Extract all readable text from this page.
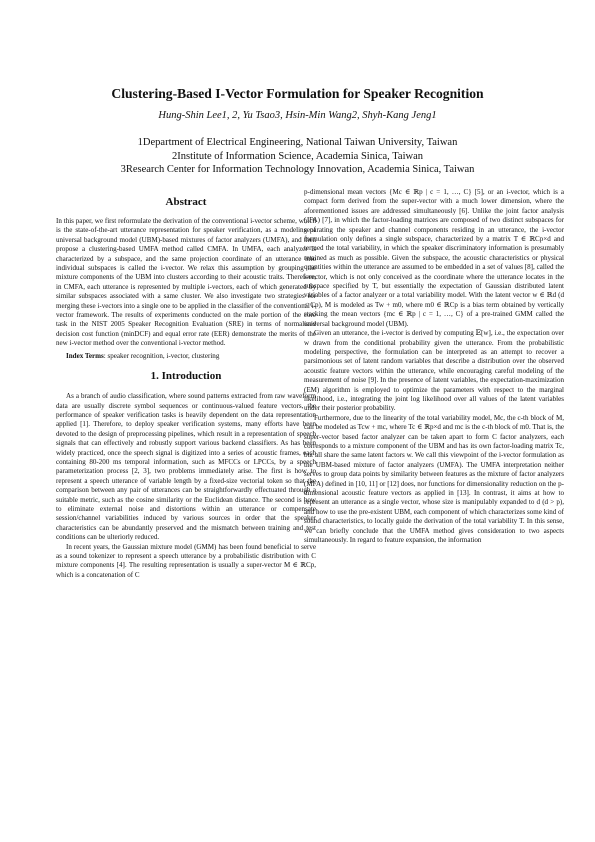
Clustering-Based I-Vector Formulation for Speaker Recognition
Hung-Shin Lee1, 2, Yu Tsao3, Hsin-Min Wang2, Shyh-Kang Jeng1
1Department of Electrical Engineering, National Taiwan University, Taiwan
2Institute of Information Science, Academia Sinica, Taiwan
3Research Center for Information Technology Innovation, Academia Sinica, Taiwan
Abstract

In this paper, we first reformulate the derivation of the conventional i-vector scheme, which is the state-of-the-art utterance representation for speaker verification, as a modeling of universal background model (UBM)-based mixtures of factor analyzers (UMFA), and then propose a clustering-based UMFA method called CMFA. In UMFA, each analyzer is characterized by a subspace, and the same projection coordinate of an utterance into individual subspaces is called the i-vector. We relax this assumption by grouping the mixture components of the UBM into clusters according to their acoustic traits. Therefore, in CMFA, each utterance is represented by multiple i-vectors, each of which generated by similar subspaces associated with a same cluster. We also investigate two strategies for merging these i-vectors into a single one to be applied in the classifier of the conventional i-vector framework. The results of experiments conducted on the male portion of the core task in the NIST 2005 Speaker Recognition Evaluation (SRE) in terms of normalized decision cost function (minDCF) and equal error rate (EER) demonstrate the merits of the new i-vector method over the conventional i-vector method.

Index Terms: speaker recognition, i-vector, clustering

1. Introduction

As a branch of audio classification, where sound patterns extracted from raw waveform data are usually discrete symbol sequences or continuous-valued feature vectors, the performance of speaker verification tasks is heavily dependent on the data representation applied [1]. Therefore, to deploy speaker verification systems, many efforts have been devoted to the design of preprocessing pipelines, which result in a representation of speech signals that can effectively and robustly support various backend classifiers. As has been widely practiced, once the speech signal is digitized into a series of acoustic frames, each containing 80-200 ms temporal information, such as MFCCs or LPCCs, by a speech parameterization process [2, 3], two problems immediately arise. The first is how to represent a speech utterance of variable length by a fixed-size vectorial token so that the comparison between any pair of utterances can be straightforwardly effectuated through a suitable metric, such as the cosine similarity or the Euclidean distance. The second is how to eliminate external noise and distortions within an utterance or compensate session/channel variabilities induced by various sources in order that the speaker characteristics can be abundantly preserved and the mismatch between training and test conditions can be ulteriorly reduced.

In recent years, the Gaussian mixture model (GMM) has been found beneficial to serve as a sound tokenizer to represent a speech utterance by a probabilistic distribution with C mixture components [4]. The resulting representation is usually a super-vector M ∈ ℝCp, which is a concatenation of C

p-dimensional mean vectors {Mc ∈ ℝp | c = 1, …, C} [5], or an i-vector, which is a compact form derived from the super-vector with a much lower dimension, where the aforementioned issues are addressed simultaneously [6]. Unlike the joint factor analysis (JFA) [7], in which the factor-loading matrices are composed of two distinct subspaces for separating the speaker and channel components residing in an utterance, the i-vector formulation only defines a single subspace, characterized by a matrix T ∈ ℝCp×d and termed the total variability, in which the speaker discriminatory information is presumably retained as much as possible. Given the subspace, the acoustic characteristics or physical quantities within the utterance are assumed to be embedded in a set of values [8], called the i-vector, which is not only conceived as the coordinate where the utterance locates in the subspace specified by T, but essentially the expectation of Gaussian distributed latent variables of a factor analyzer or a total variability model. With the latent vector w ∈ ℝd (d < Cp), M is modeled as Tw + m0, where m0 ∈ ℝCp is a bias term obtained by vertically stacking the mean vectors {mc ∈ ℝp | c = 1, …, C} of a pre-trained GMM called the universal background model (UBM).

Given an utterance, the i-vector is derived by computing 𝔼[w], i.e., the expectation over w drawn from the conditional probability given the utterance. From the probabilistic modeling perspective, the formulation can be interpreted as an attempt to recover a parsimonious set of latent random variables that describe a distribution over the observed acoustic feature vectors within the utterance, while encouraging careful modeling of the measurement of noise [9]. In the presence of latent variables, the expectation-maximization (EM) algorithm is employed to optimize the parameters with respect to the marginal likelihood, i.e., integrating the joint log likelihood over all values of the latent variables under their posterior probability.

Furthermore, due to the linearity of the total variability model, Mc, the c-th block of M, can be modeled as Tcw + mc, where Tc ∈ ℝp×d and mc is the c-th block of m0. That is, the super-vector based factor analyzer can be taken apart to form C factor analyzers, each corresponds to a mixture component of the UBM and has its own factor-loading matrix Tc, but all share the same latent factors w. We call this viewpoint of the i-vector formulation as the UBM-based mixture of factor analyzers (UMFA). The UMFA interpretation neither serves to group data points by similarity between features as the mixture of factor analyzers (MFA) defined in [10, 11] or [12] does, nor functions for dimensionality reduction on the p-dimensional acoustic feature vectors as applied in [13]. In contrast, it aims at how to represent an utterance as a single vector, whose size is manipulably expanded to d (d > p), and how to use the pre-existent UBM, each component of which characterizes some kind of sound characteristics, to locally guide the derivation of the total variability T. In this sense, we can briefly conclude that the UMFA method gives consideration to two aspects simultaneously. In regard to feature expansion, the information
